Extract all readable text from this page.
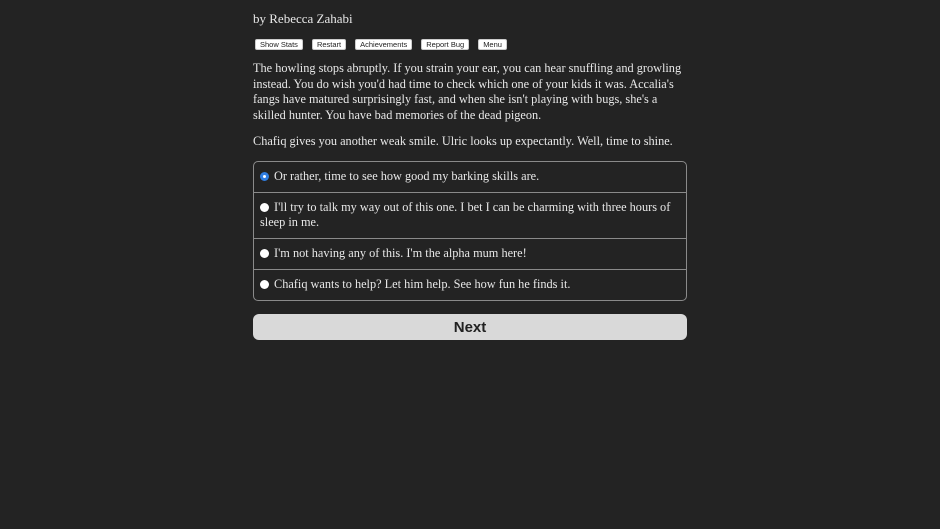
by Rebecca Zahabi
Show Stats	Restart	Achievements	Report Bug	Menu

The howling stops abruptly. If you strain your ear, you can hear snuffling and growling instead. You do wish you'd had time to check which one of your kids it was. Accalia's fangs have matured surprisingly fast, and when she isn't playing with bugs, she's a skilled hunter. You have bad memories of the dead pigeon.

Chafiq gives you another weak smile. Ulric looks up expectantly. Well, time to shine.

Or rather, time to see how good my barking skills are.
I'll try to talk my way out of this one. I bet I can be charming with three hours of sleep in me.
I'm not having any of this. I'm the alpha mum here!
Chafiq wants to help? Let him help. See how fun he finds it.
Next
